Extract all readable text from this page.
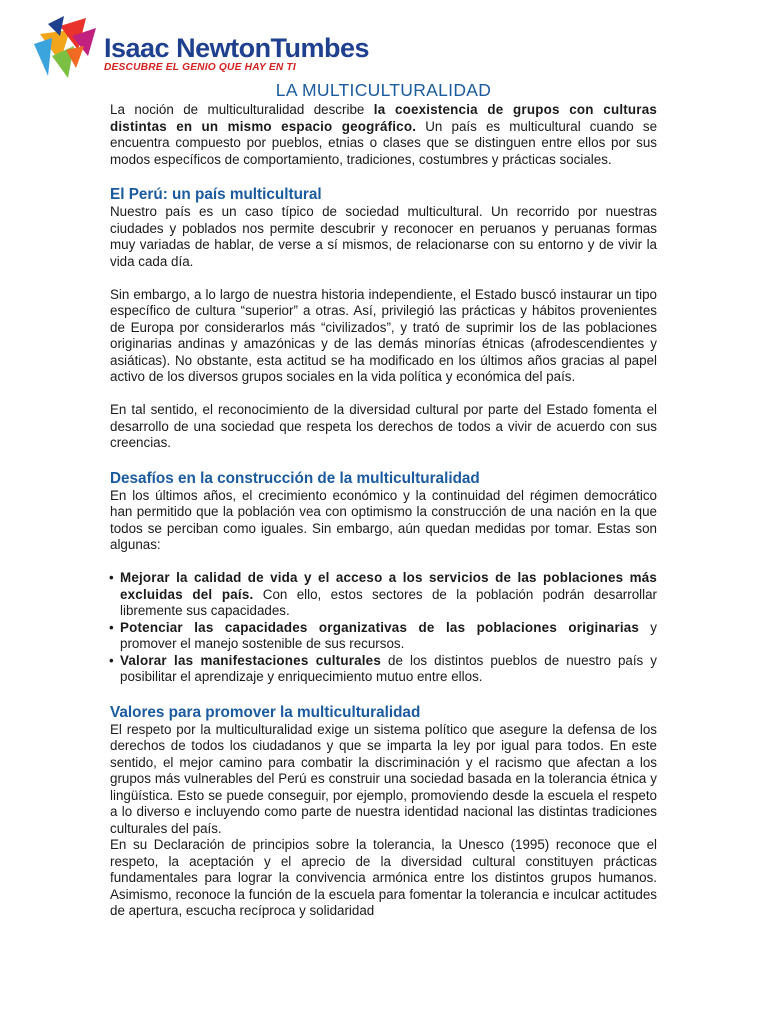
Isaac NewtonTumbes
DESCUBRE EL GENIO QUE HAY EN TI
LA MULTICULTURALIDAD

La noción de multiculturalidad describe la coexistencia de grupos con culturas distintas en un mismo espacio geográfico. Un país es multicultural cuando se encuentra compuesto por pueblos, etnias o clases que se distinguen entre ellos por sus modos específicos de comportamiento, tradiciones, costumbres y prácticas sociales.

El Perú: un país multicultural

Nuestro país es un caso típico de sociedad multicultural. Un recorrido por nuestras ciudades y poblados nos permite descubrir y reconocer en peruanos y peruanas formas muy variadas de hablar, de verse a sí mismos, de relacionarse con su entorno y de vivir la vida cada día.

Sin embargo, a lo largo de nuestra historia independiente, el Estado buscó instaurar un tipo específico de cultura “superior” a otras. Así, privilegió las prácticas y hábitos provenientes de Europa por considerarlos más “civilizados”, y trató de suprimir los de las poblaciones originarias andinas y amazónicas y de las demás minorías étnicas (afrodescendientes y asiáticas). No obstante, esta actitud se ha modificado en los últimos años gracias al papel activo de los diversos grupos sociales en la vida política y económica del país.

En tal sentido, el reconocimiento de la diversidad cultural por parte del Estado fomenta el desarrollo de una sociedad que respeta los derechos de todos a vivir de acuerdo con sus creencias.

Desafíos en la construcción de la multiculturalidad

En los últimos años, el crecimiento económico y la continuidad del régimen democrático han permitido que la población vea con optimismo la construcción de una nación en la que todos se perciban como iguales. Sin embargo, aún quedan medidas por tomar. Estas son algunas:

• Mejorar la calidad de vida y el acceso a los servicios de las poblaciones más excluidas del país. Con ello, estos sectores de la población podrán desarrollar libremente sus capacidades.
• Potenciar las capacidades organizativas de las poblaciones originarias y promover el manejo sostenible de sus recursos.
• Valorar las manifestaciones culturales de los distintos pueblos de nuestro país y posibilitar el aprendizaje y enriquecimiento mutuo entre ellos.
Valores para promover la multiculturalidad

El respeto por la multiculturalidad exige un sistema político que asegure la defensa de los derechos de todos los ciudadanos y que se imparta la ley por igual para todos. En este sentido, el mejor camino para combatir la discriminación y el racismo que afectan a los grupos más vulnerables del Perú es construir una sociedad basada en la tolerancia étnica y lingüística. Esto se puede conseguir, por ejemplo, promoviendo desde la escuela el respeto a lo diverso e incluyendo como parte de nuestra identidad nacional las distintas tradiciones culturales del país.

En su Declaración de principios sobre la tolerancia, la Unesco (1995) reconoce que el respeto, la aceptación y el aprecio de la diversidad cultural constituyen prácticas fundamentales para lograr la convivencia armónica entre los distintos grupos humanos. Asimismo, reconoce la función de la escuela para fomentar la tolerancia e inculcar actitudes de apertura, escucha recíproca y solidaridad
